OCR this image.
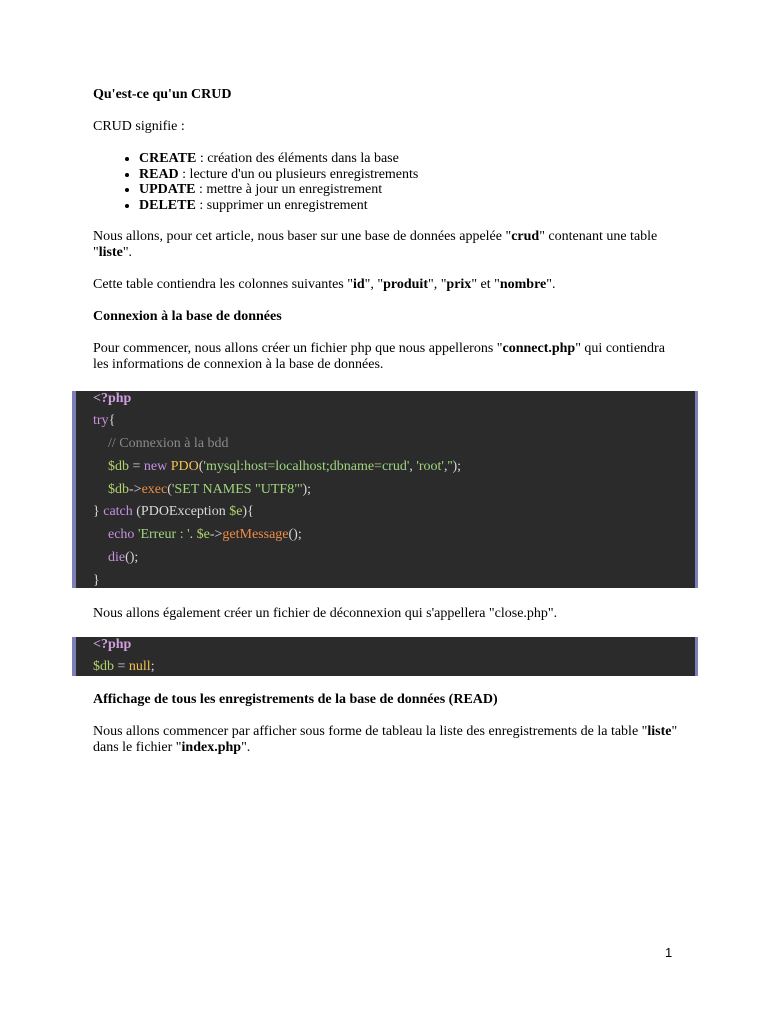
Qu'est-ce qu'un CRUD

CRUD signifie :

• CREATE : création des éléments dans la base
• READ : lecture d'un ou plusieurs enregistrements
• UPDATE : mettre à jour un enregistrement
• DELETE : supprimer un enregistrement

Nous allons, pour cet article, nous baser sur une base de données appelée "crud" contenant une table "liste".

Cette table contiendra les colonnes suivantes "id", "produit", "prix" et "nombre".

Connexion à la base de données

Pour commencer, nous allons créer un fichier php que nous appellerons "connect.php" qui contiendra les informations de connexion à la base de données.

<?php
try{
// Connexion à la bdd
$db = new PDO('mysql:host=localhost;dbname=crud', 'root','');
$db->exec('SET NAMES "UTF8"');
} catch (PDOException $e){
echo 'Erreur : '. $e->getMessage();
die();
}

Nous allons également créer un fichier de déconnexion qui s'appellera "close.php".

<?php
$db = null;

Affichage de tous les enregistrements de la base de données (READ)

Nous allons commencer par afficher sous forme de tableau la liste des enregistrements de la table "liste" dans le fichier "index.php".

1
